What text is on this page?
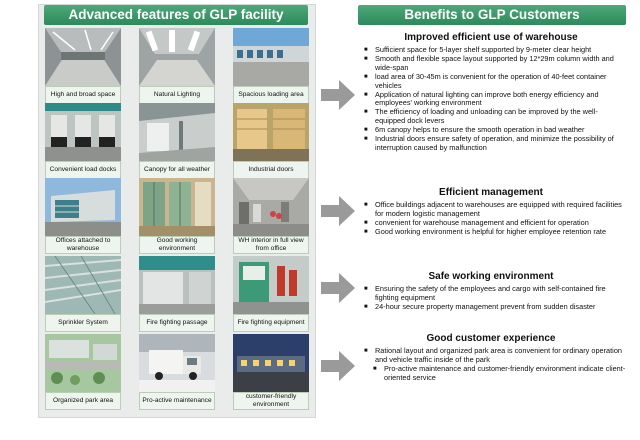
Advanced features of GLP facility	Benefits to GLP Customers
High and broad space	Natural Lighting	Spacious loading area
Convenient load docks	Canopy for all weather	Industrial doors
Offices attached to warehouse
Good working environment
WH interior in full view from office
Sprinkler System	Fire fighting passage	Fire fighting equipment
Organized park area	Pro-active maintenance
customer-friendly environment
Improved efficient use of warehouse
■ Sufficient space for 5-layer shelf supported by 9-meter clear height
■ Smooth and flexible space layout supported by 12*29m column width and wide-span
■ load area of 30-45m is convenient for the operation of 40-feet container vehicles
■ Application of natural lighting can improve both energy efficiency and employees' working environment
■ The efficiency of loading and unloading can be improved by the well-equipped dock levers
■ 6m canopy helps to ensure the smooth operation in bad weather
■ Industrial doors ensure safety of operation, and minimize the possibility of interruption caused by malfunction
Efficient management
■ Office buildings adjacent to warehouses are equipped with required facilities for modern logistic management
■ convenient for warehouse management and efficient for operation
■ Good working environment is helpful for higher employee retention rate
Safe working environment
■ Ensuring the safety of the employees and cargo with self-contained fire fighting equipment
■ 24-hour secure property management prevent from sudden disaster
Good customer experience
■ Rational layout and organized park area is convenient for ordinary operation and vehicle traffic inside of the park
■ Pro-active maintenance and customer-friendly environment indicate client-oriented service
